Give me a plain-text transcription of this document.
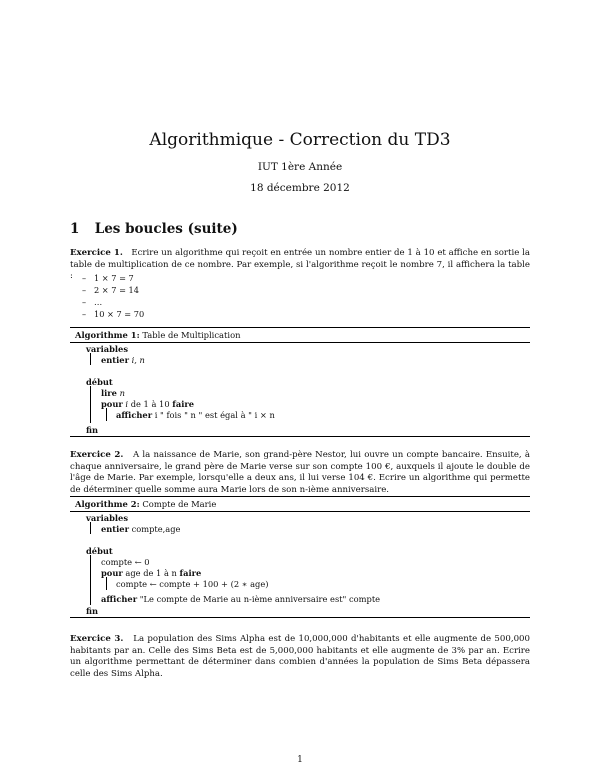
Algorithmique - Correction du TD3
IUT 1ère Année
18 décembre 2012
1 Les boucles (suite)
Exercice 1. Ecrire un algorithme qui reçoit en entrée un nombre entier de 1 à 10 et affiche en sortie la table de multiplication de ce nombre. Par exemple, si l'algorithme reçoit le nombre 7, il affichera la table :
–	1 × 7 = 7
– 2 × 7 = 14
– …
– 10 × 7 = 70
Algorithme 1: Table de Multiplication
variables
entier i, n
début
lire n
pour i de 1 à 10 faire
afficher i " fois " n " est égal à " i × n
fin
Exercice 2. A la naissance de Marie, son grand-père Nestor, lui ouvre un compte bancaire. Ensuite, à chaque anniversaire, le grand père de Marie verse sur son compte 100 €, auxquels il ajoute le double de l'âge de Marie. Par exemple, lorsqu'elle a deux ans, il lui verse 104 €. Ecrire un algorithme qui permette de déterminer quelle somme aura Marie lors de son n-ième anniversaire.
Algorithme 2: Compte de Marie
variables
entier compte,age
début
compte ← 0
pour age de 1 à n faire
compte ← compte + 100 + (2 ∗ age)
afficher "Le compte de Marie au n-ième anniversaire est" compte
fin
Exercice 3. La population des Sims Alpha est de 10,000,000 d'habitants et elle augmente de 500,000 habitants par an. Celle des Sims Beta est de 5,000,000 habitants et elle augmente de 3% par an. Ecrire un algorithme permettant de déterminer dans combien d'années la population de Sims Beta dépassera celle des Sims Alpha.
1
